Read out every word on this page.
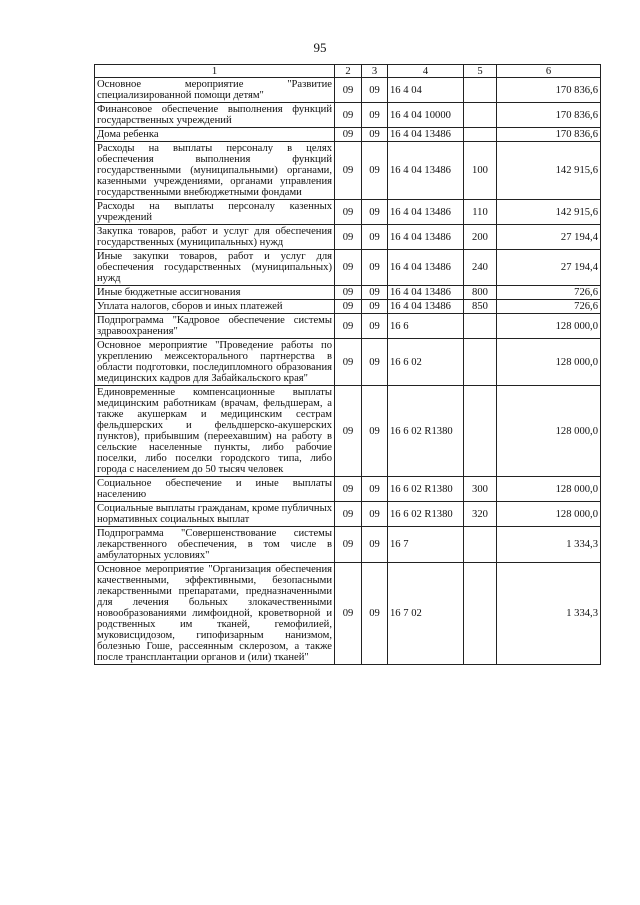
95
1	2	3	4	5	6
Основное мероприятие "Развитие специализированной помощи детям"	09	09	16 4 04		170 836,6
Финансовое обеспечение выполнения функций государственных учреждений	09	09	16 4 04 10000		170 836,6
Дома ребенка	09	09	16 4 04 13486		170 836,6
Расходы на выплаты персоналу в целях обеспечения выполнения функций государственными (муниципальными) органами, казенными учреждениями, органами управления государственными внебюджетными фондами	09	09	16 4 04 13486	100	142 915,6
Расходы на выплаты персоналу казенных учреждений	09	09	16 4 04 13486	110	142 915,6
Закупка товаров, работ и услуг для обеспечения государственных (муниципальных) нужд	09	09	16 4 04 13486	200	27 194,4
Иные закупки товаров, работ и услуг для обеспечения государственных (муниципальных) нужд	09	09	16 4 04 13486	240	27 194,4
Иные бюджетные ассигнования	09	09	16 4 04 13486	800	726,6
Уплата налогов, сборов и иных платежей	09	09	16 4 04 13486	850	726,6
Подпрограмма "Кадровое обеспечение системы здравоохранения"	09	09	16 6		128 000,0
Основное мероприятие "Проведение работы по укреплению межсекторального партнерства в области подготовки, последипломного образования медицинских кадров для Забайкальского края"	09	09	16 6 02		128 000,0
Единовременные компенсационные выплаты медицинским работникам (врачам, фельдшерам, а также акушеркам и медицинским сестрам фельдшерских и фельдшерско-акушерских пунктов), прибывшим (переехавшим) на работу в сельские населенные пункты, либо рабочие поселки, либо поселки городского типа, либо города с населением до 50 тысяч человек	09	09	16 6 02 R1380		128 000,0
Социальное обеспечение и иные выплаты населению	09	09	16 6 02 R1380	300	128 000,0
Социальные выплаты гражданам, кроме публичных нормативных социальных выплат	09	09	16 6 02 R1380	320	128 000,0
Подпрограмма "Совершенствование системы лекарственного обеспечения, в том числе в амбулаторных условиях"	09	09	16 7		1 334,3
Основное мероприятие "Организация обеспечения качественными, эффективными, безопасными лекарственными препаратами, предназначенными для лечения больных злокачественными новообразованиями лимфоидной, кроветворной и родственных им тканей, гемофилией, муковисцидозом, гипофизарным нанизмом, болезнью Гоше, рассеянным склерозом, а также после трансплантации органов и (или) тканей"	09	09	16 7 02		1 334,3
